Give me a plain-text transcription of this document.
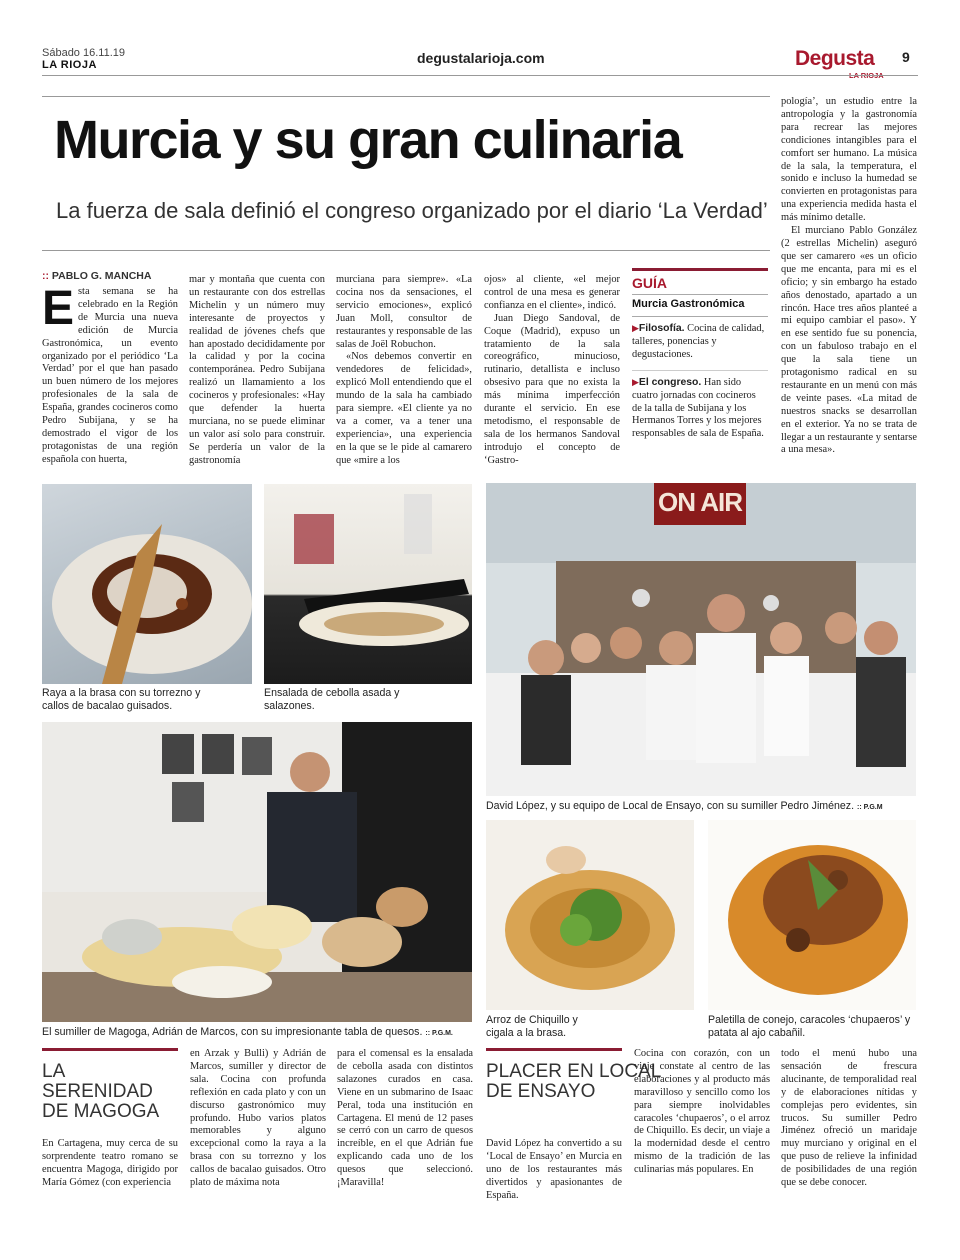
Sábado 16.11.19
LA RIOJA	degustalarioja.com	Degusta 9
Murcia y su gran culinaria
La fuerza de sala definió el congreso organizado por el diario ‘La Verdad’
:: PABLO G. MANCHA
E sta semana se ha celebrado en la Región de Murcia una nueva edición de Murcia Gastronómica, un evento organizado por el periódico ‘La Verdad’ por el que han pasado un buen número de los mejores profesionales de la sala de España, grandes cocineros como Pedro Subijana, y se ha demostrado el vigor de los protagonistas de una región española con huerta,
mar y montaña que cuenta con un restaurante con dos estrellas Michelin y un número muy interesante de proyectos y realidad de jóvenes chefs que han apostado decididamente por la calidad y por la cocina contemporánea. Pedro Subijana realizó un llamamiento a los cocineros y profesionales: «Hay que defender la huerta murciana, no se puede eliminar un valor así solo para construir. Se perdería un valor de la gastronomía

murciana para siempre». «La cocina nos da sensaciones, el servicio emociones», explicó Juan Moll, consultor de restaurantes y responsable de las salas de Joël Robuchon.

«Nos debemos convertir en vendedores de felicidad», explicó Moll entendiendo que el mundo de la sala ha cambiado para siempre. «El cliente ya no va a comer, va a tener una experiencia», una experiencia en la que se le pide al camarero que «mire a los

ojos» al cliente, «el mejor control de una mesa es generar confianza en el cliente», indicó.

Juan Diego Sandoval, de Coque (Madrid), expuso un tratamiento de la sala coreográfico, minucioso, rutinario, detallista e incluso obsesivo para que no exista la más mínima imperfección durante el servicio. En ese metodismo, el responsable de sala de los hermanos Sandoval introdujo el concepto de ‘Gastro-

GUÍA
Murcia Gastronómica
▶Filosofía. Cocina de calidad, talleres, ponencias y degustaciones.
▶El congreso. Han sido cuatro jornadas con cocineros de la talla de Subijana y los Hermanos Torres y los mejores responsables de sala de España.

pología’, un estudio entre la antropología y la gastronomía para recrear las mejores condiciones intangibles para el comfort ser humano. La música de la sala, la temperatura, el sonido e incluso la humedad se convierten en protagonistas para una experiencia medida hasta el más mínimo detalle.

El murciano Pablo González (2 estrellas Michelin) aseguró que ser camarero «es un oficio que me encanta, para mi es el oficio; y sin embargo ha estado años denostado, apartado a un rincón. Hace tres años planteé a mi equipo cambiar el paso». Y en ese sentido fue su ponencia, con un fabuloso trabajo en el que la sala tiene un protagonismo radical en su restaurante en un menú con más de veinte pases. «La mitad de nuestros snacks se desarrollan en el exterior. Ya no se trata de llegar a un restaurante y sentarse a una mesa».

Raya a la brasa con su torrezno y callos de bacalao guisados.
Ensalada de cebolla asada y salazones.
ON AIR
David López, y su equipo de Local de Ensayo, con su sumiller Pedro Jiménez. :: P.G.M
El sumiller de Magoga, Adrián de Marcos, con su impresionante tabla de quesos. :: P.G.M.
Arroz de Chiquillo y cigala a la brasa.
Paletilla de conejo, caracoles ‘chupaeros’ y patata al ajo cabañil.
LA SERENIDAD
DE MAGOGA
En Cartagena, muy cerca de su sorprendente teatro romano se encuentra Magoga, dirigido por María Gómez (con experiencia
en Arzak y Bulli) y Adrián de Marcos, sumiller y director de sala. Cocina con profunda reflexión en cada plato y con un discurso gastronómico muy profundo. Hubo varios platos memorables y alguno excepcional como la raya a la brasa con su torrezno y los callos de bacalao guisados. Otro plato de máxima nota
para el comensal es la ensalada de cebolla asada con distintos salazones curados en casa. Viene en un submarino de Isaac Peral, toda una institución en Cartagena. El menú de 12 pases se cerró con un carro de quesos increíble, en el que Adrián fue explicando cada uno de los quesos que seleccionó. ¡Maravilla!
PLACER EN LOCAL
DE ENSAYO
David López ha convertido a su ‘Local de Ensayo’ en Murcia en uno de los restaurantes más divertidos y apasionantes de España.
Cocina con corazón, con un viaje constate al centro de las elaboraciones y al producto más maravilloso y sencillo como los para siempre inolvidables caracoles ‘chupaeros’, o el arroz de Chiquillo. Es decir, un viaje a la modernidad desde el centro mismo de la tradición de las culinarias más populares. En
todo el menú hubo una sensación de frescura alucinante, de temporalidad real y de elaboraciones nítidas y complejas pero evidentes, sin trucos. Su sumiller Pedro Jiménez ofreció un maridaje muy murciano y original en el que puso de relieve la infinidad de posibilidades de una región que se debe conocer.
